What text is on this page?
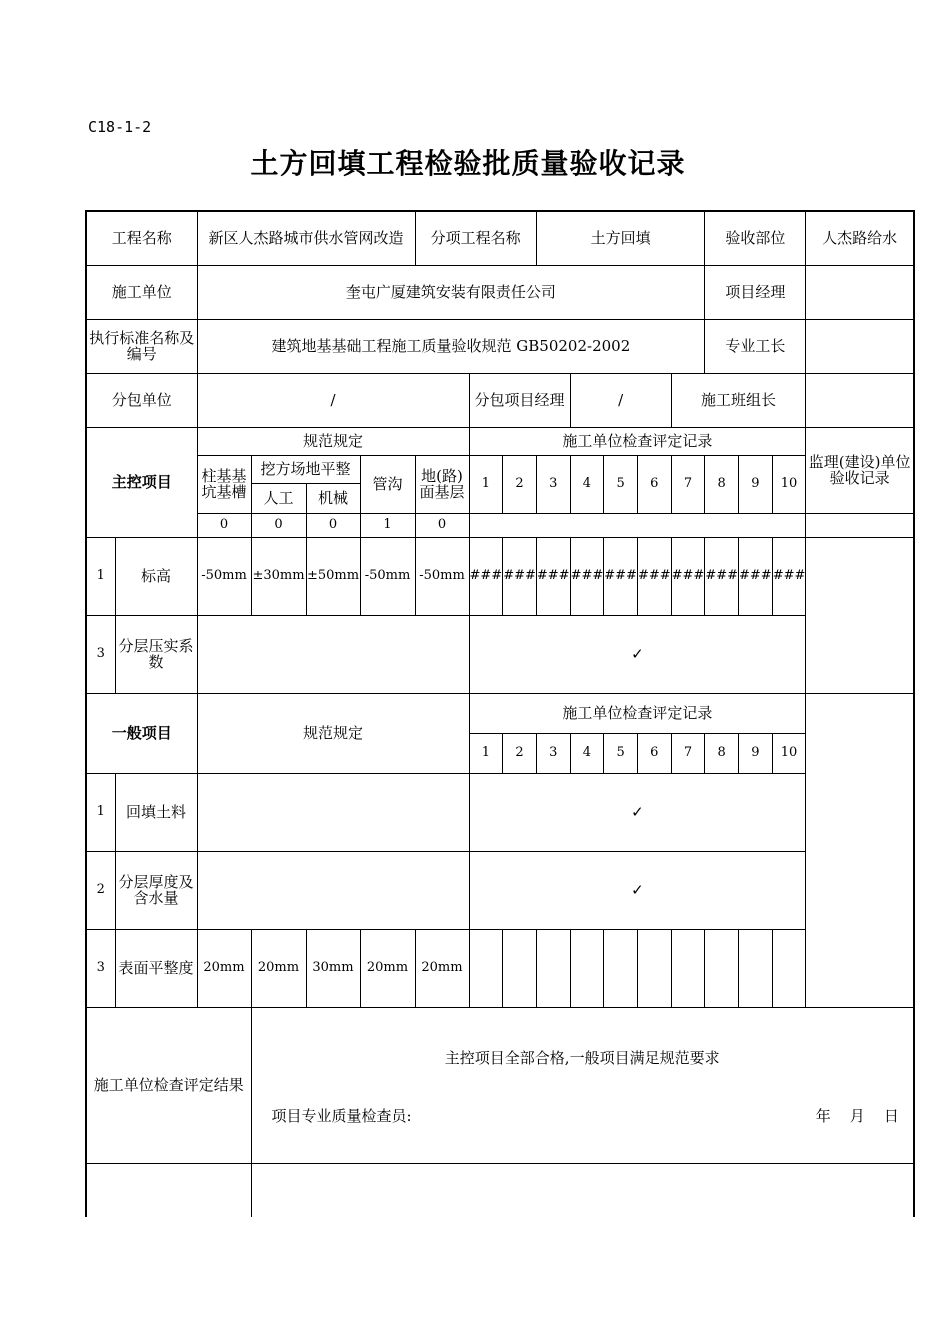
C18-1-2
土方回填工程检验批质量验收记录
工程名称		新区人杰路城市供水管网改造				分项工程名称			土方回填					验收部位			人杰路给水
施工单位		奎屯广厦建筑安装有限责任公司												项目经理			
执行标准名称及编号		建筑地基基础工程施工质量验收规范 GB50202-2002												专业工长			
分包单位		/					分包项目经理			/			施工班组长				
主控项目		规范规定					施工单位检查评定记录										监理(建设)单位验收记录
		柱基基坑基槽	挖方场地平整		管沟	地(路)面基层	1	2	3	4	5	6	7	8	9	10	
			人工	机械													
		0	0	0	1	0											
1	标高	-50mm	±30mm	±50mm	-50mm	-50mm	###	###	###	###	###	###	###	###	###	###	
3	分层压实系数						✓										
一般项目		规范规定					施工单位检查评定记录										
							1	2	3	4	5	6	7	8	9	10	
1	回填土料						✓										
2	分层厚度及含水量						✓										
3	表面平整度	20mm	20mm	30mm	20mm	20mm											
施工单位检查评定结果			主控项目全部合格,一般项目满足规范要求
项目专业质量检查员: 年    月    日														
